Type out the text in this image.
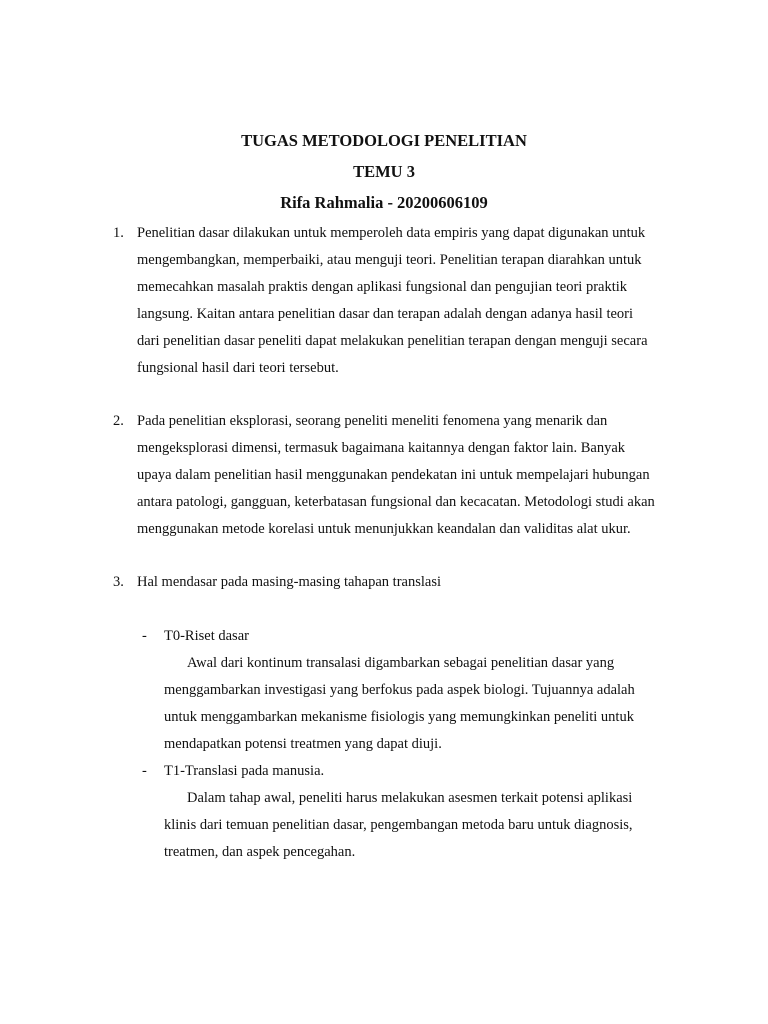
TUGAS METODOLOGI PENELITIAN
TEMU 3
Rifa Rahmalia - 20200606109
1. Penelitian dasar dilakukan untuk memperoleh data empiris yang dapat digunakan untuk
mengembangkan, memperbaiki, atau menguji teori. Penelitian terapan diarahkan untuk
memecahkan masalah praktis dengan aplikasi fungsional dan pengujian teori praktik
langsung. Kaitan antara penelitian dasar dan terapan adalah dengan adanya hasil teori
dari penelitian dasar peneliti dapat melakukan penelitian terapan dengan menguji secara
fungsional hasil dari teori tersebut.
2. Pada penelitian eksplorasi, seorang peneliti meneliti fenomena yang menarik dan
mengeksplorasi dimensi, termasuk bagaimana kaitannya dengan faktor lain. Banyak
upaya dalam penelitian hasil menggunakan pendekatan ini untuk mempelajari hubungan
antara patologi, gangguan, keterbatasan fungsional dan kecacatan. Metodologi studi akan
menggunakan metode korelasi untuk menunjukkan keandalan dan validitas alat ukur.
3. Hal mendasar pada masing-masing tahapan translasi
- T0-Riset dasar
Awal dari kontinum transalasi digambarkan sebagai penelitian dasar yang
menggambarkan investigasi yang berfokus pada aspek biologi. Tujuannya adalah
untuk menggambarkan mekanisme fisiologis yang memungkinkan peneliti untuk
mendapatkan potensi treatmen yang dapat diuji.
- T1-Translasi pada manusia.
Dalam tahap awal, peneliti harus melakukan asesmen terkait potensi aplikasi
klinis dari temuan penelitian dasar, pengembangan metoda baru untuk diagnosis,
treatmen, dan aspek pencegahan.
